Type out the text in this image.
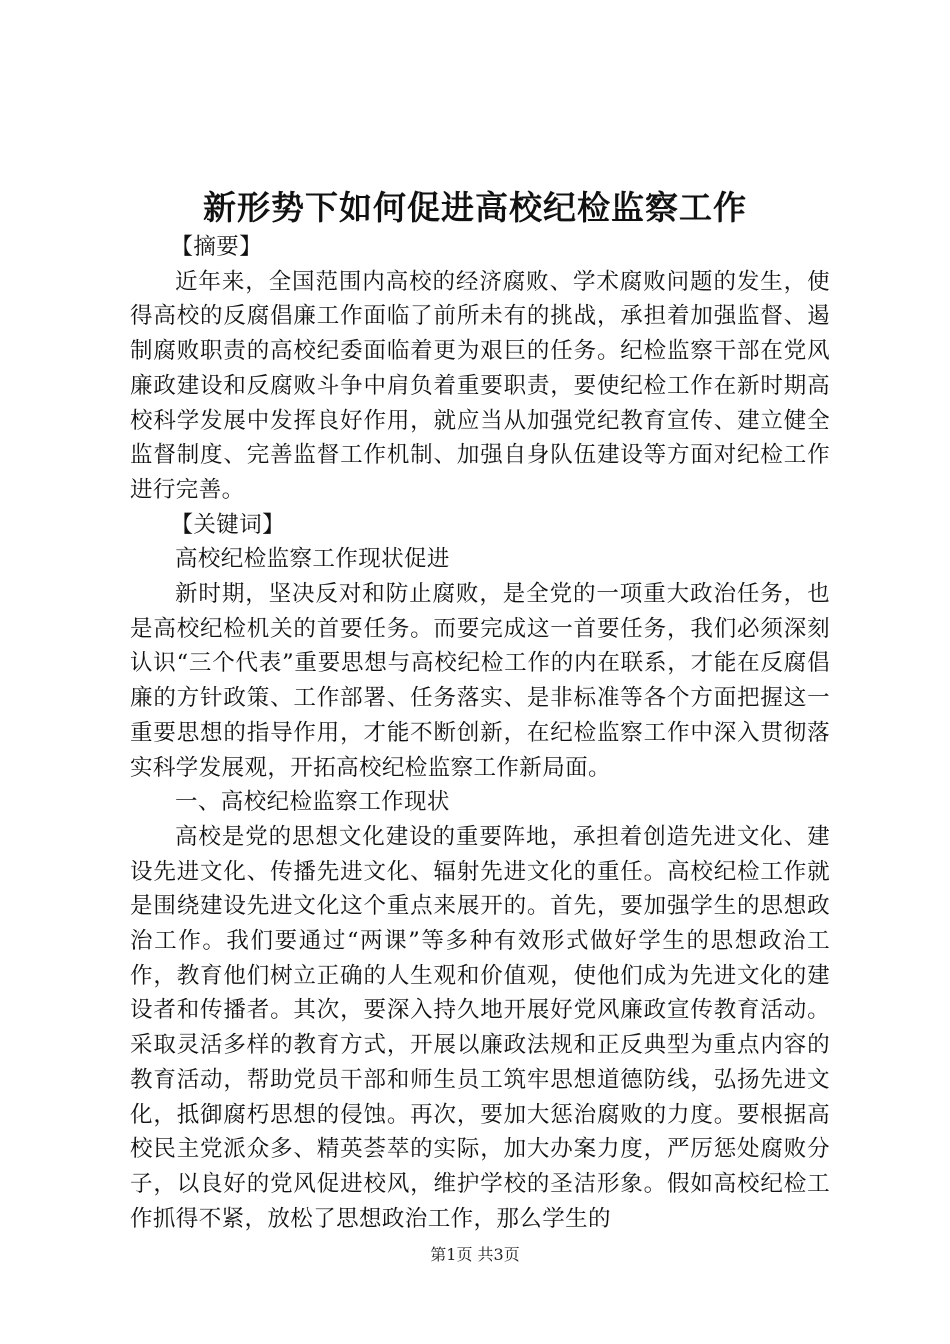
新形势下如何促进高校纪检监察工作

【摘要】

近年来，全国范围内高校的经济腐败、学术腐败问题的发生，使得高校的反腐倡廉工作面临了前所未有的挑战，承担着加强监督、遏制腐败职责的高校纪委面临着更为艰巨的任务。纪检监察干部在党风廉政建设和反腐败斗争中肩负着重要职责，要使纪检工作在新时期高校科学发展中发挥良好作用，就应当从加强党纪教育宣传、建立健全监督制度、完善监督工作机制、加强自身队伍建设等方面对纪检工作进行完善。

【关键词】

高校纪检监察工作现状促进

新时期，坚决反对和防止腐败，是全党的一项重大政治任务，也是高校纪检机关的首要任务。而要完成这一首要任务，我们必须深刻认识“三个代表”重要思想与高校纪检工作的内在联系，才能在反腐倡廉的方针政策、工作部署、任务落实、是非标准等各个方面把握这一重要思想的指导作用，才能不断创新，在纪检监察工作中深入贯彻落实科学发展观，开拓高校纪检监察工作新局面。

一、高校纪检监察工作现状

高校是党的思想文化建设的重要阵地，承担着创造先进文化、建设先进文化、传播先进文化、辐射先进文化的重任。高校纪检工作就是围绕建设先进文化这个重点来展开的。首先，要加强学生的思想政治工作。我们要通过“两课”等多种有效形式做好学生的思想政治工作，教育他们树立正确的人生观和价值观，使他们成为先进文化的建设者和传播者。其次，要深入持久地开展好党风廉政宣传教育活动。采取灵活多样的教育方式，开展以廉政法规和正反典型为重点内容的教育活动，帮助党员干部和师生员工筑牢思想道德防线，弘扬先进文化，抵御腐朽思想的侵蚀。再次，要加大惩治腐败的力度。要根据高校民主党派众多、精英荟萃的实际，加大办案力度，严厉惩处腐败分子，以良好的党风促进校风，维护学校的圣洁形象。假如高校纪检工作抓得不紧，放松了思想政治工作，那么学生的

第1页 共3页
